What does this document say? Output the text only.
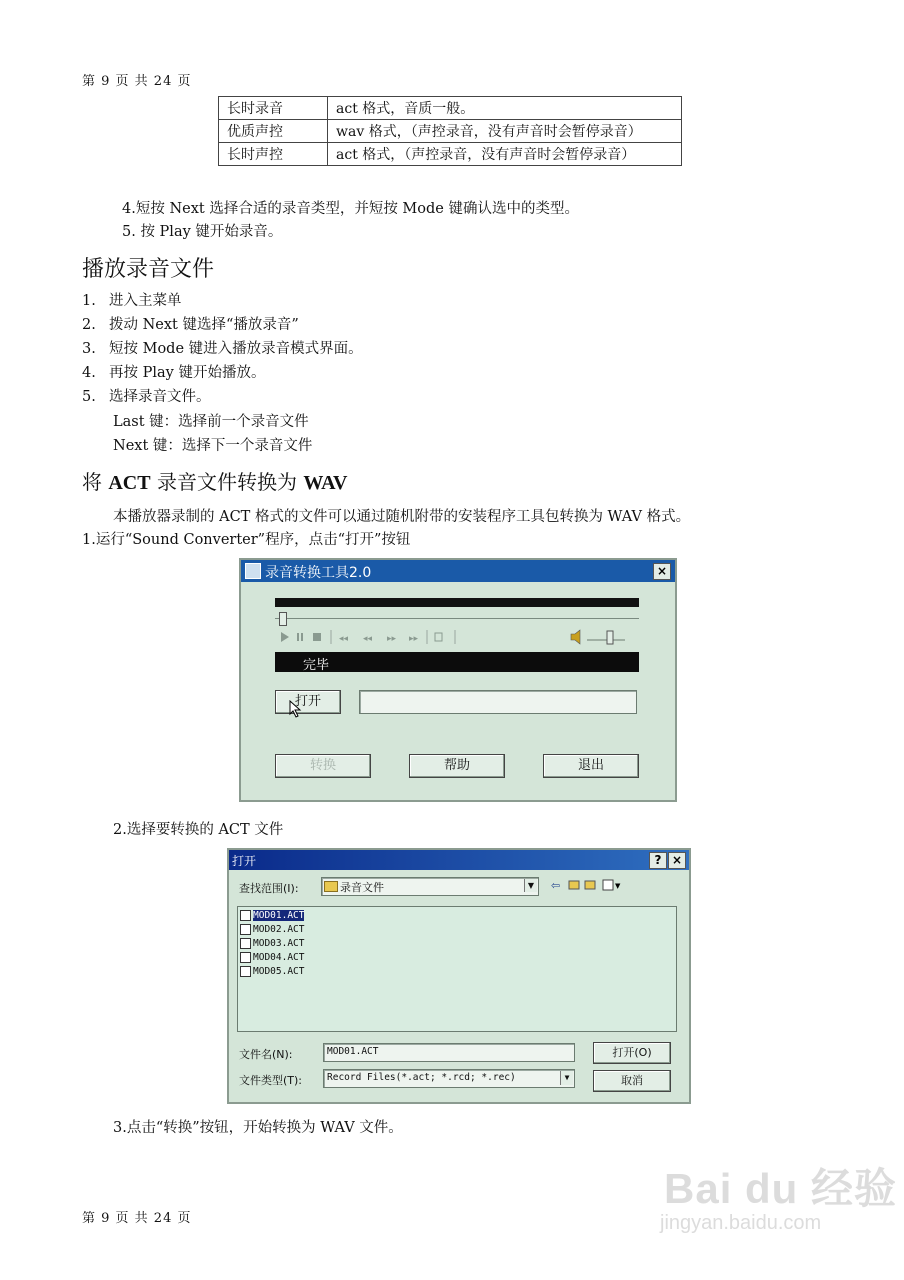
第 9 页 共 24 页
长时录音	act 格式，音质一般。
优质声控	wav 格式，（声控录音，没有声音时会暂停录音）
长时声控	act 格式，（声控录音，没有声音时会暂停录音）
4.短按 Next 选择合适的录音类型，并短按 Mode 键确认选中的类型。
5. 按 Play 键开始录音。
播放录音文件
1. 进入主菜单
2. 拨动 Next 键选择“播放录音”
3. 短按 Mode 键进入播放录音模式界面。
4. 再按 Play 键开始播放。
5. 选择录音文件。
Last 键：选择前一个录音文件
Next 键：选择下一个录音文件
将 ACT 录音文件转换为 WAV
本播放器录制的 ACT 格式的文件可以通过随机附带的安装程序工具包转换为 WAV 格式。
1.运行“Sound Converter”程序，点击“打开”按钮
录音转换工具2.0	×
◂◂ ◂◂ ▸▸ ▸▸
完毕
打开
转换	帮助	退出
2.选择要转换的 ACT 文件
打开	? ×
查找范围(I):	录音文件	▼ ⇦	▼
MOD01.ACT
MOD02.ACT
MOD03.ACT
MOD04.ACT
MOD05.ACT
文件名(N):	MOD01.ACT
文件类型(T):	Record Files(*.act; *.rcd; *.rec)	▼
打开(O)
取消
3.点击“转换”按钮，开始转换为 WAV 文件。
第 9 页 共 24 页
Bai du 经验
jingyan.baidu.com
